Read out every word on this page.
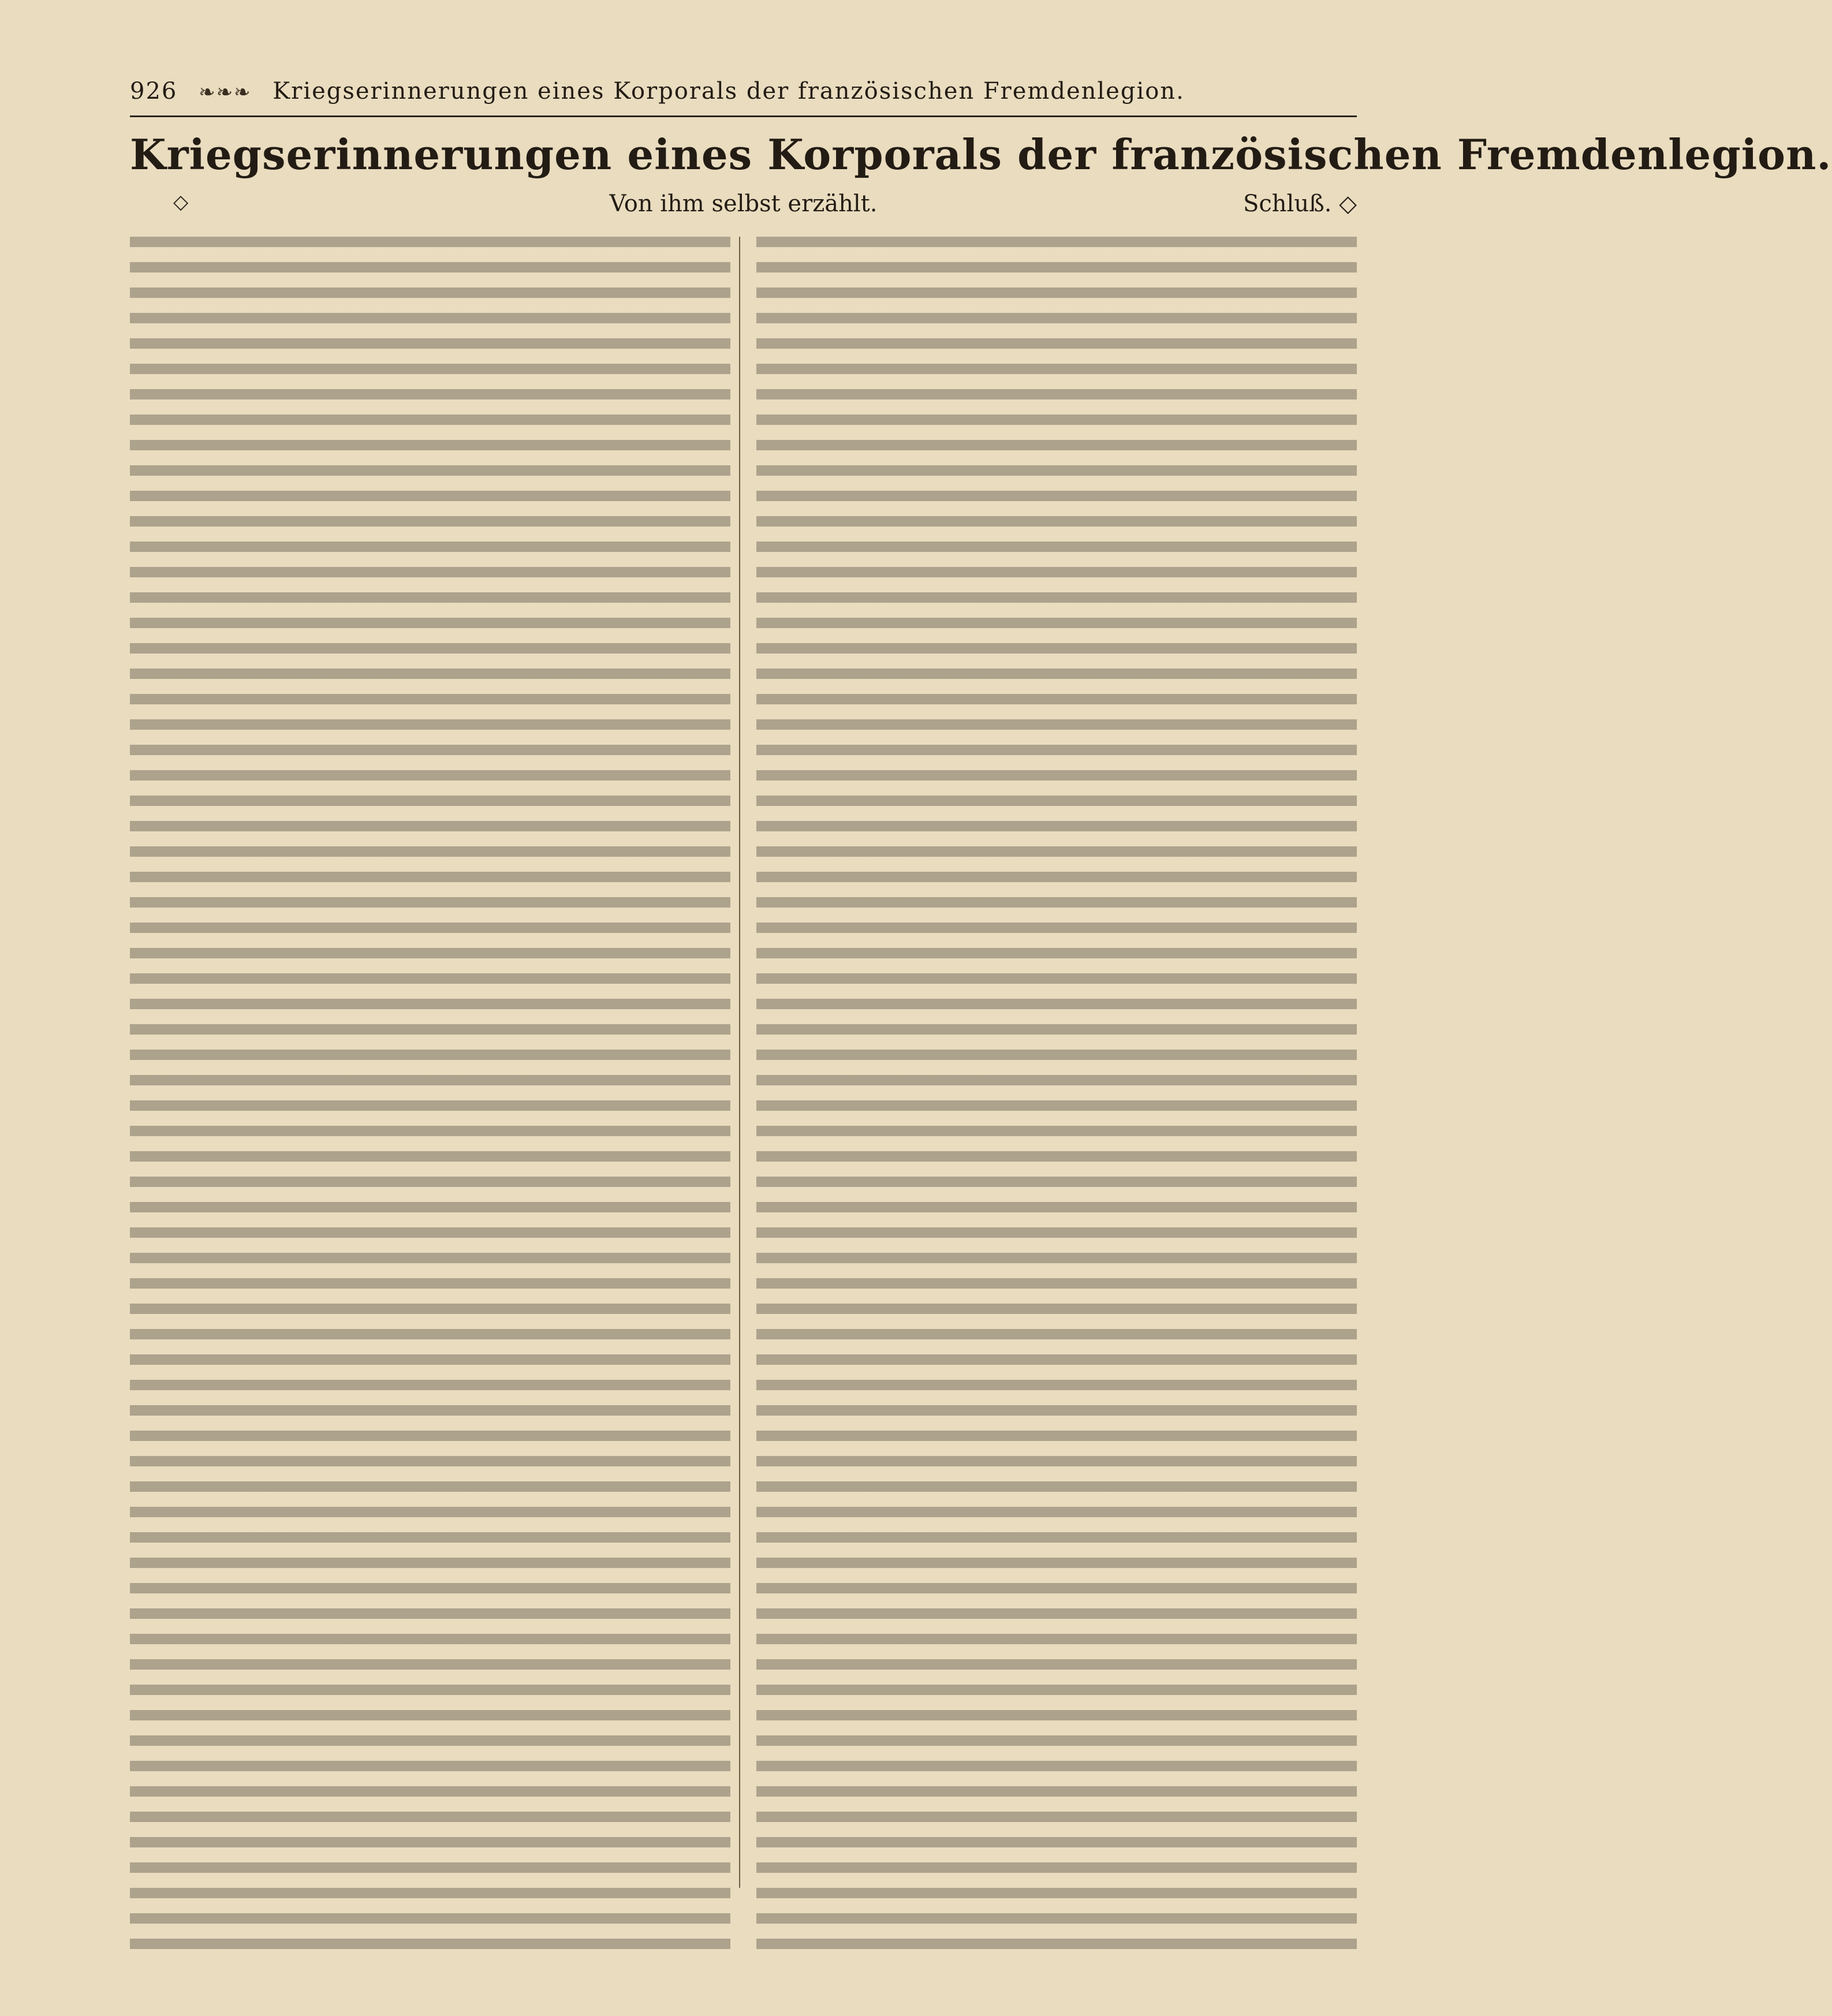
926 ❧❧❧ Kriegserinnerungen eines Korporals der französischen Fremdenlegion.
Kriegserinnerungen eines Korporals der französischen Fremdenlegion.
◇	Von ihm selbst erzählt.	Schluß. ◇
